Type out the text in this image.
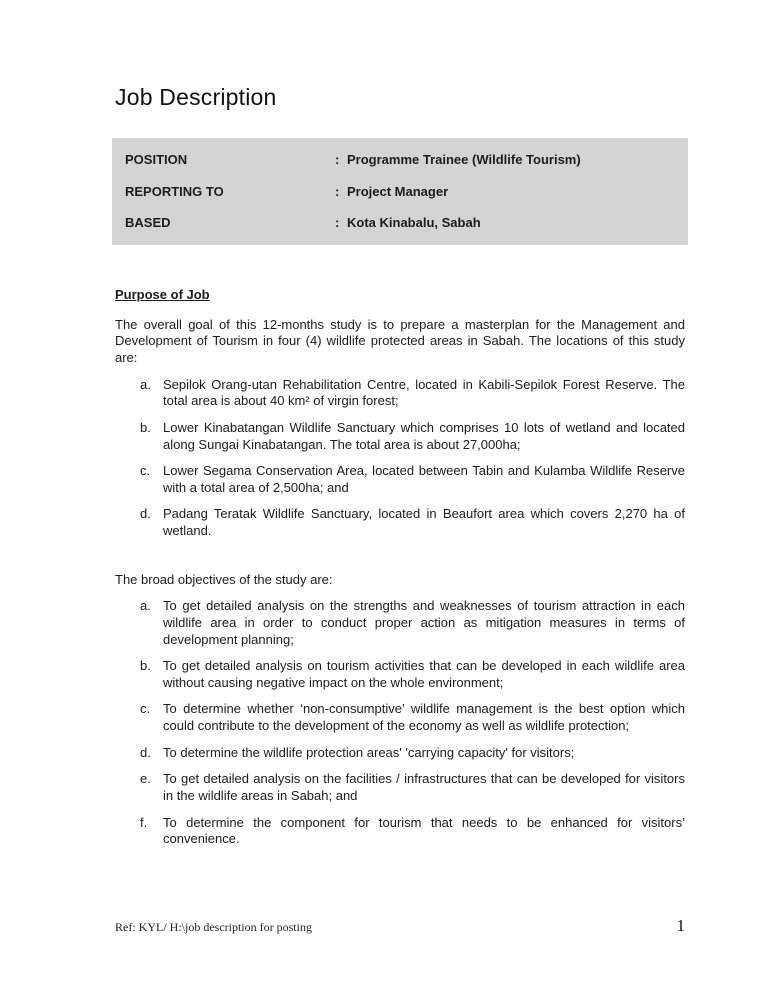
Job Description
POSITION	: Programme Trainee (Wildlife Tourism)
REPORTING TO	: Project Manager
BASED	: Kota Kinabalu, Sabah
Purpose of Job
The overall goal of this 12-months study is to prepare a masterplan for the Management and Development of Tourism in four (4) wildlife protected areas in Sabah. The locations of this study are:
a. Sepilok Orang-utan Rehabilitation Centre, located in Kabili-Sepilok Forest Reserve. The total area is about 40 km² of virgin forest;
b. Lower Kinabatangan Wildlife Sanctuary which comprises 10 lots of wetland and located along Sungai Kinabatangan. The total area is about 27,000ha;
c. Lower Segama Conservation Area, located between Tabin and Kulamba Wildlife Reserve with a total area of 2,500ha; and
d. Padang Teratak Wildlife Sanctuary, located in Beaufort area which covers 2,270 ha of wetland.
The broad objectives of the study are:
a. To get detailed analysis on the strengths and weaknesses of tourism attraction in each wildlife area in order to conduct proper action as mitigation measures in terms of development planning;
b. To get detailed analysis on tourism activities that can be developed in each wildlife area without causing negative impact on the whole environment;
c. To determine whether ‘non-consumptive’ wildlife management is the best option which could contribute to the development of the economy as well as wildlife protection;
d. To determine the wildlife protection areas' 'carrying capacity' for visitors;
e. To get detailed analysis on the facilities / infrastructures that can be developed for visitors in the wildlife areas in Sabah; and
f.	To determine the component for tourism that needs to be enhanced for visitors’ convenience.
Ref: KYL/ H:\job description for posting	1
